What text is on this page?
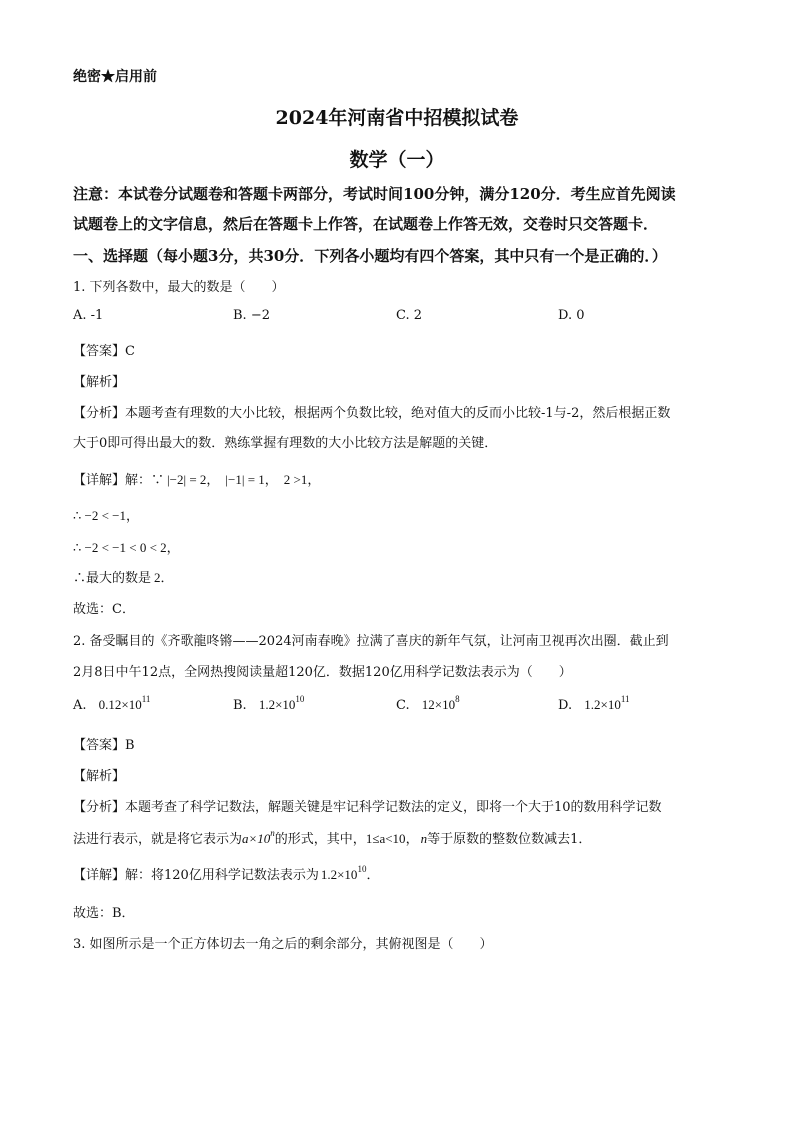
绝密★启用前
2024年河南省中招模拟试卷
数学（一）
注意：本试卷分试题卷和答题卡两部分，考试时间100分钟，满分120分．考生应首先阅读
试题卷上的文字信息，然后在答题卡上作答，在试题卷上作答无效，交卷时只交答题卡．
一、选择题（每小题3分，共30分．下列各小题均有四个答案，其中只有一个是正确的．）
1. 下列各数中，最大的数是（　　）
A. -1	B. −2	C. 2	D. 0
【答案】C
【解析】
【分析】本题考查有理数的大小比较，根据两个负数比较，绝对值大的反而小比较-1与-2，然后根据正数
大于0即可得出最大的数．熟练掌握有理数的大小比较方法是解题的关键．
【详解】解：∵ |−2| = 2， |−1| = 1， 2 >1，
∴ −2 < −1，
∴ −2 < −1 < 0 < 2，
∴最大的数是 2．
故选：C．
2. 备受瞩目的《齐歌龍咚锵——2024河南春晚》拉满了喜庆的新年气氛，让河南卫视再次出圈．截止到
2月8日中午12点，全网热搜阅读量超120亿．数据120亿用科学记数法表示为（　　）
A. $0.12\times 10^{11}$	B. $1.2\times 10^{10}$	C. $12\times 10^8$	D. $1.2\times 10^{11}$
【答案】B
【解析】
【分析】本题考查了科学记数法，解题关键是牢记科学记数法的定义，即将一个大于10的数用科学记数
法进行表示，就是将它表示为$a\times 10^n$的形式，其中，1≤a<10， n等于原数的整数位数减去1．
【详解】解：将120亿用科学记数法表示为 $1.2\times 10^{10}$．
故选：B．
3. 如图所示是一个正方体切去一角之后的剩余部分，其俯视图是（　　）
